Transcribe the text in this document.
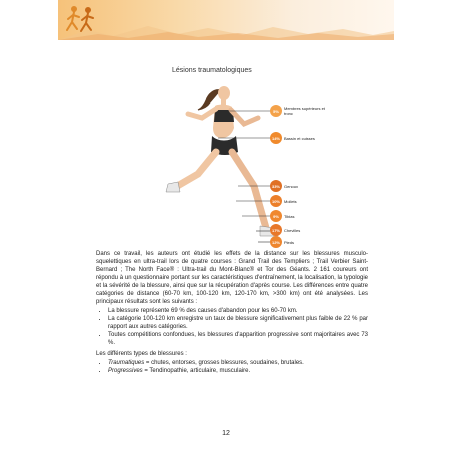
Lésions traumatologiques
5%	Membres supérieurs et tronc
14%	Bassin et cuisses
33%	Genoux
10%	Mollets
9%	Tibias
17%	Chevilles
12%	Pieds

Dans ce travail, les auteurs ont étudié les effets de la distance sur les blessures musculo-squelettiques en ultra-trail lors de quatre courses : Grand Trail des Templiers ; Trail Verbier Saint-Bernard ; The North Face® : Ultra-trail du Mont-Blanc® et Tor des Géants. 2 161 coureurs ont répondu à un questionnaire portant sur les caractéristiques d'entraînement, la localisation, la typologie et la sévérité de la blessure, ainsi que sur la récupération d'après course. Les différences entre quatre catégories de distance (60-70 km, 100-120 km, 120-170 km, >300 km) ont été analysées. Les principaux résultats sont les suivants :

• La blessure représente 69 % des causes d'abandon pour les 60-70 km.
• La catégorie 100-120 km enregistre un taux de blessure significativement plus faible de 22 % par rapport aux autres catégories.
• Toutes compétitions confondues, les blessures d'apparition progressive sont majoritaires avec 73 %.

Les différents types de blessures :

• Traumatiques = chutes, entorses, grosses blessures, soudaines, brutales.
• Progressives = Tendinopathie, articulaire, musculaire.
12
